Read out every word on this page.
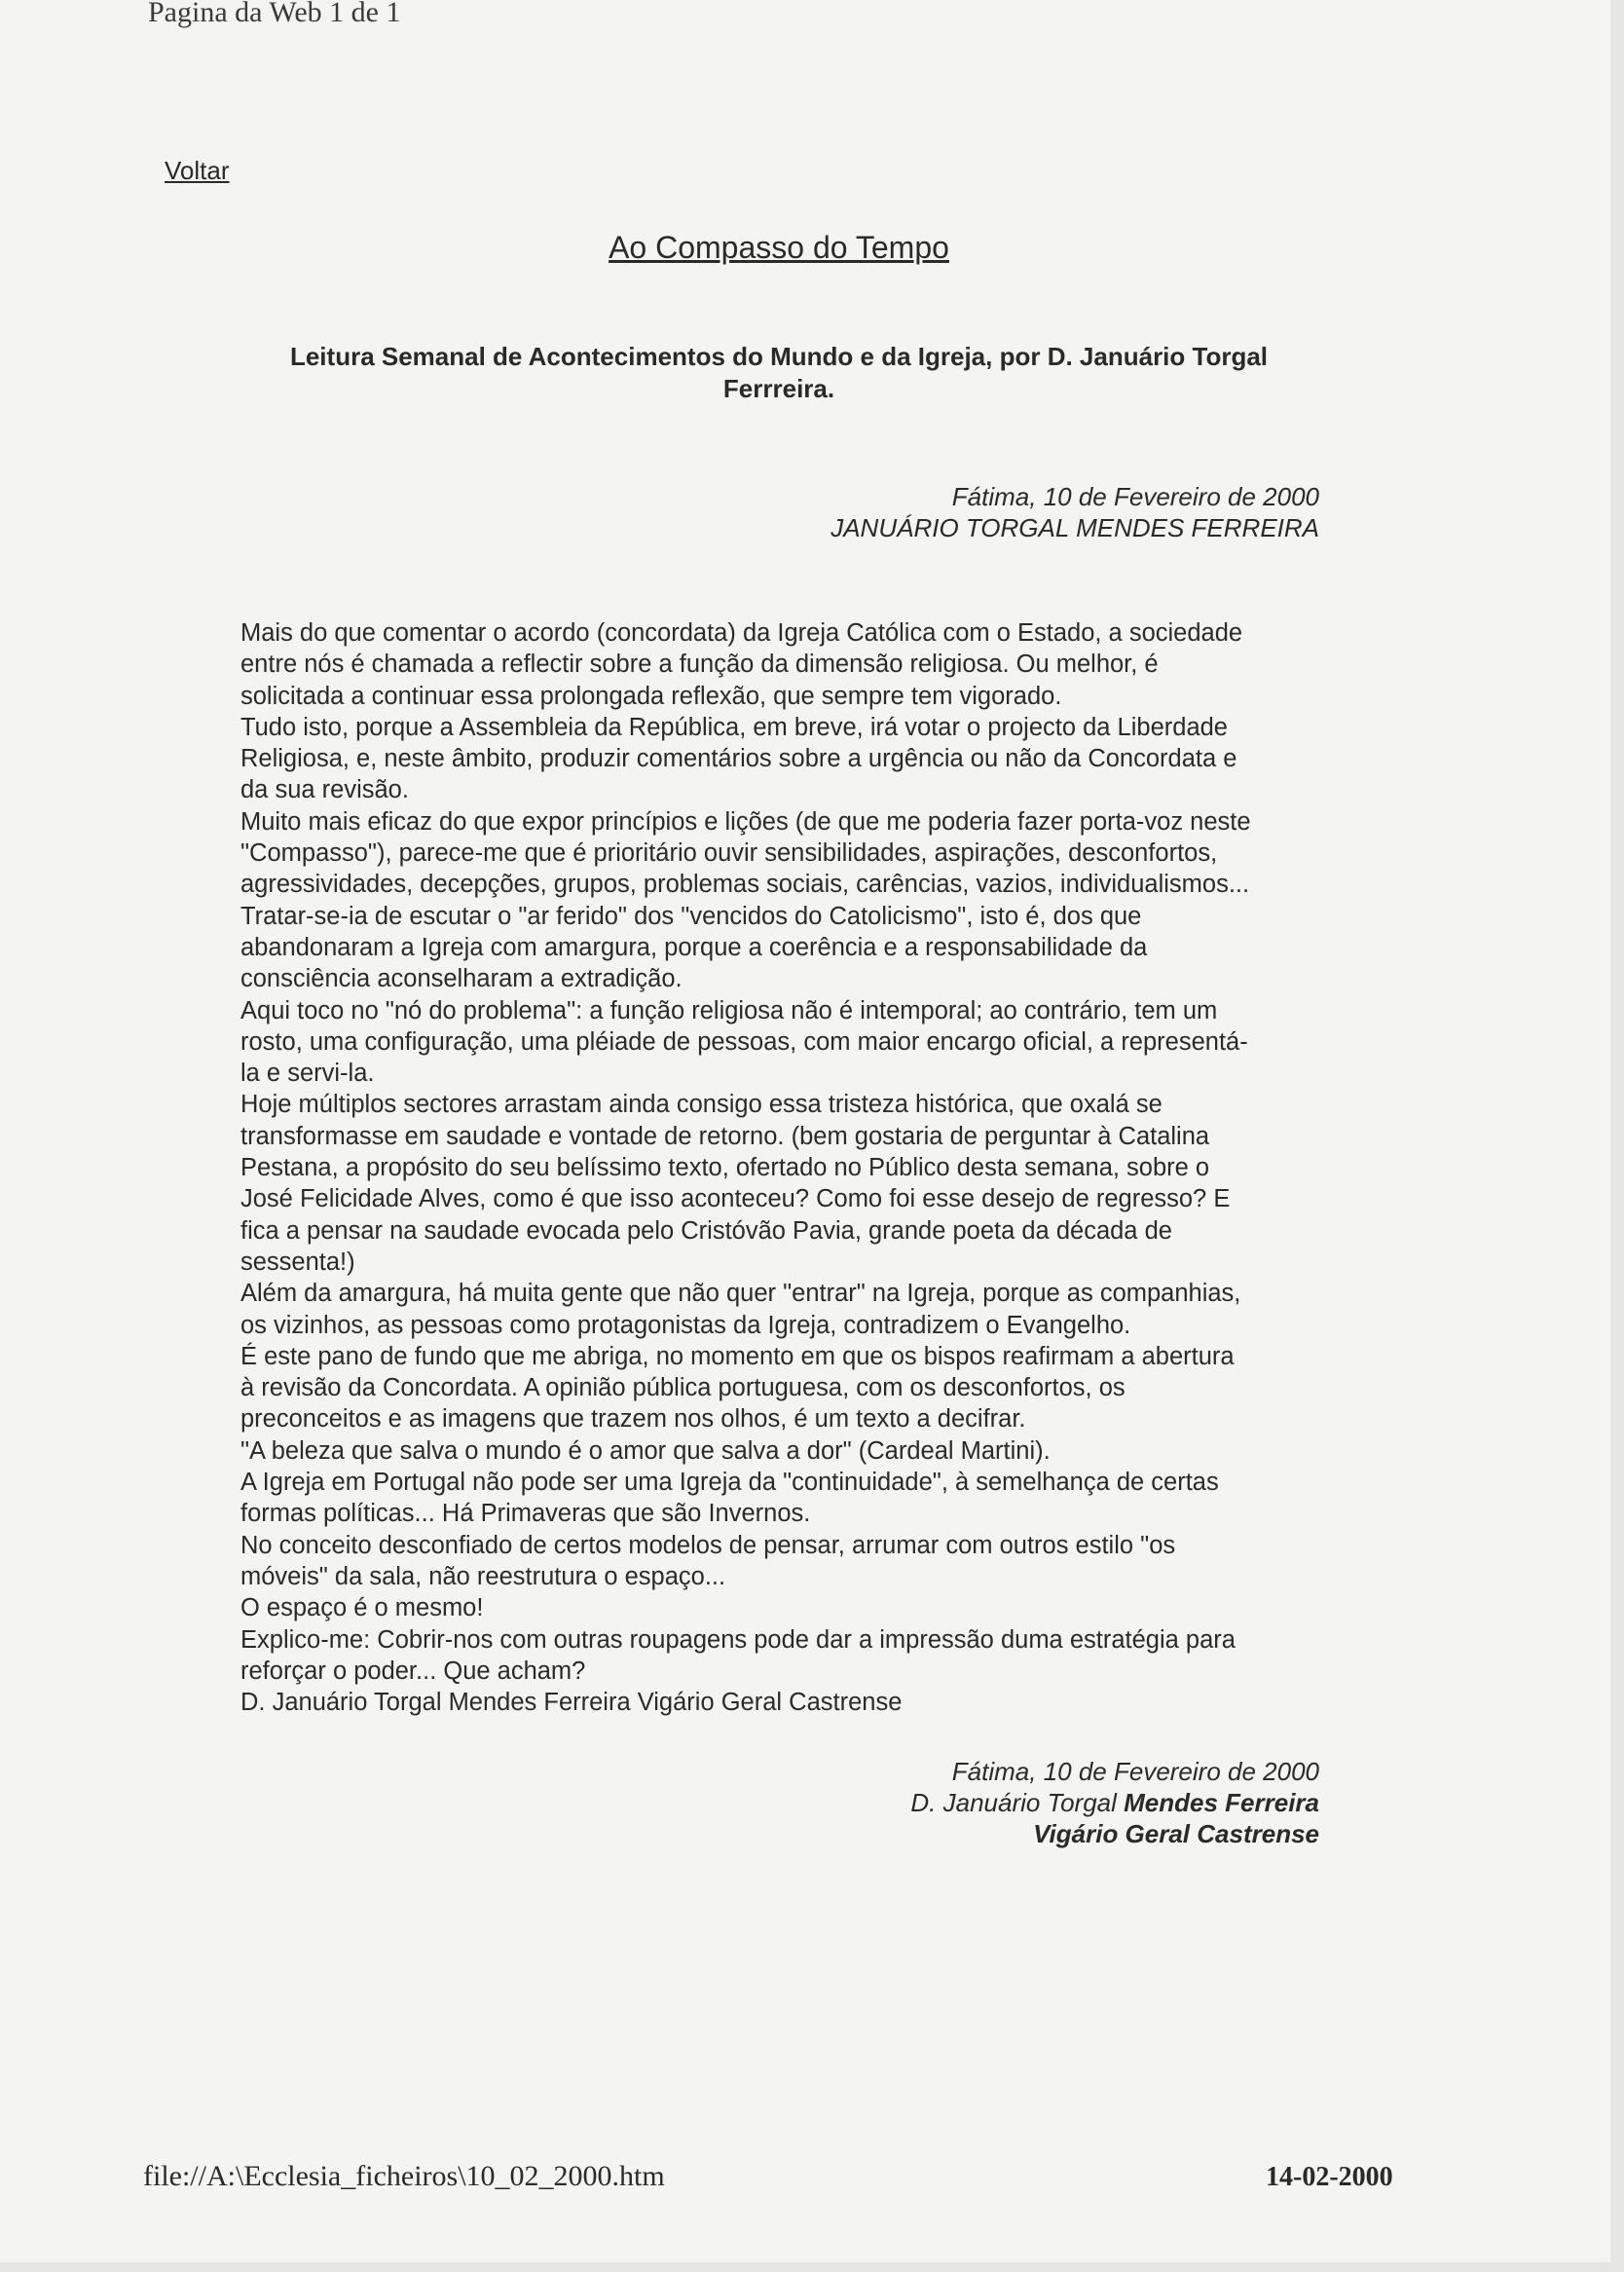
Pagina da Web 1 de 1
Voltar
Ao Compasso do Tempo
Leitura Semanal de Acontecimentos do Mundo e da Igreja, por D. Januário Torgal
Ferrreira.
Fátima, 10 de Fevereiro de 2000
JANUÁRIO TORGAL MENDES FERREIRA

Mais do que comentar o acordo (concordata) da Igreja Católica com o Estado, a sociedade

entre nós é chamada a reflectir sobre a função da dimensão religiosa. Ou melhor, é

solicitada a continuar essa prolongada reflexão, que sempre tem vigorado.

Tudo isto, porque a Assembleia da República, em breve, irá votar o projecto da Liberdade

Religiosa, e, neste âmbito, produzir comentários sobre a urgência ou não da Concordata e

da sua revisão.

Muito mais eficaz do que expor princípios e lições (de que me poderia fazer porta-voz neste

"Compasso"), parece-me que é prioritário ouvir sensibilidades, aspirações, desconfortos,

agressividades, decepções, grupos, problemas sociais, carências, vazios, individualismos...

Tratar-se-ia de escutar o "ar ferido" dos "vencidos do Catolicismo", isto é, dos que

abandonaram a Igreja com amargura, porque a coerência e a responsabilidade da

consciência aconselharam a extradição.

Aqui toco no "nó do problema": a função religiosa não é intemporal; ao contrário, tem um

rosto, uma configuração, uma pléiade de pessoas, com maior encargo oficial, a representá-

la e servi-la.

Hoje múltiplos sectores arrastam ainda consigo essa tristeza histórica, que oxalá se

transformasse em saudade e vontade de retorno. (bem gostaria de perguntar à Catalina

Pestana, a propósito do seu belíssimo texto, ofertado no Público desta semana, sobre o

José Felicidade Alves, como é que isso aconteceu? Como foi esse desejo de regresso? E

fica a pensar na saudade evocada pelo Cristóvão Pavia, grande poeta da década de

sessenta!)

Além da amargura, há muita gente que não quer "entrar" na Igreja, porque as companhias,

os vizinhos, as pessoas como protagonistas da Igreja, contradizem o Evangelho.

É este pano de fundo que me abriga, no momento em que os bispos reafirmam a abertura

à revisão da Concordata. A opinião pública portuguesa, com os desconfortos, os

preconceitos e as imagens que trazem nos olhos, é um texto a decifrar.

"A beleza que salva o mundo é o amor que salva a dor" (Cardeal Martini).

A Igreja em Portugal não pode ser uma Igreja da "continuidade", à semelhança de certas

formas políticas... Há Primaveras que são Invernos.

No conceito desconfiado de certos modelos de pensar, arrumar com outros estilo "os

móveis" da sala, não reestrutura o espaço...

O espaço é o mesmo!

Explico-me: Cobrir-nos com outras roupagens pode dar a impressão duma estratégia para

reforçar o poder... Que acham?

D. Januário Torgal Mendes Ferreira Vigário Geral Castrense

Fátima, 10 de Fevereiro de 2000
D. Januário Torgal Mendes Ferreira
Vigário Geral Castrense
file://A:\Ecclesia_ficheiros\10_02_2000.htm	14-02-2000
